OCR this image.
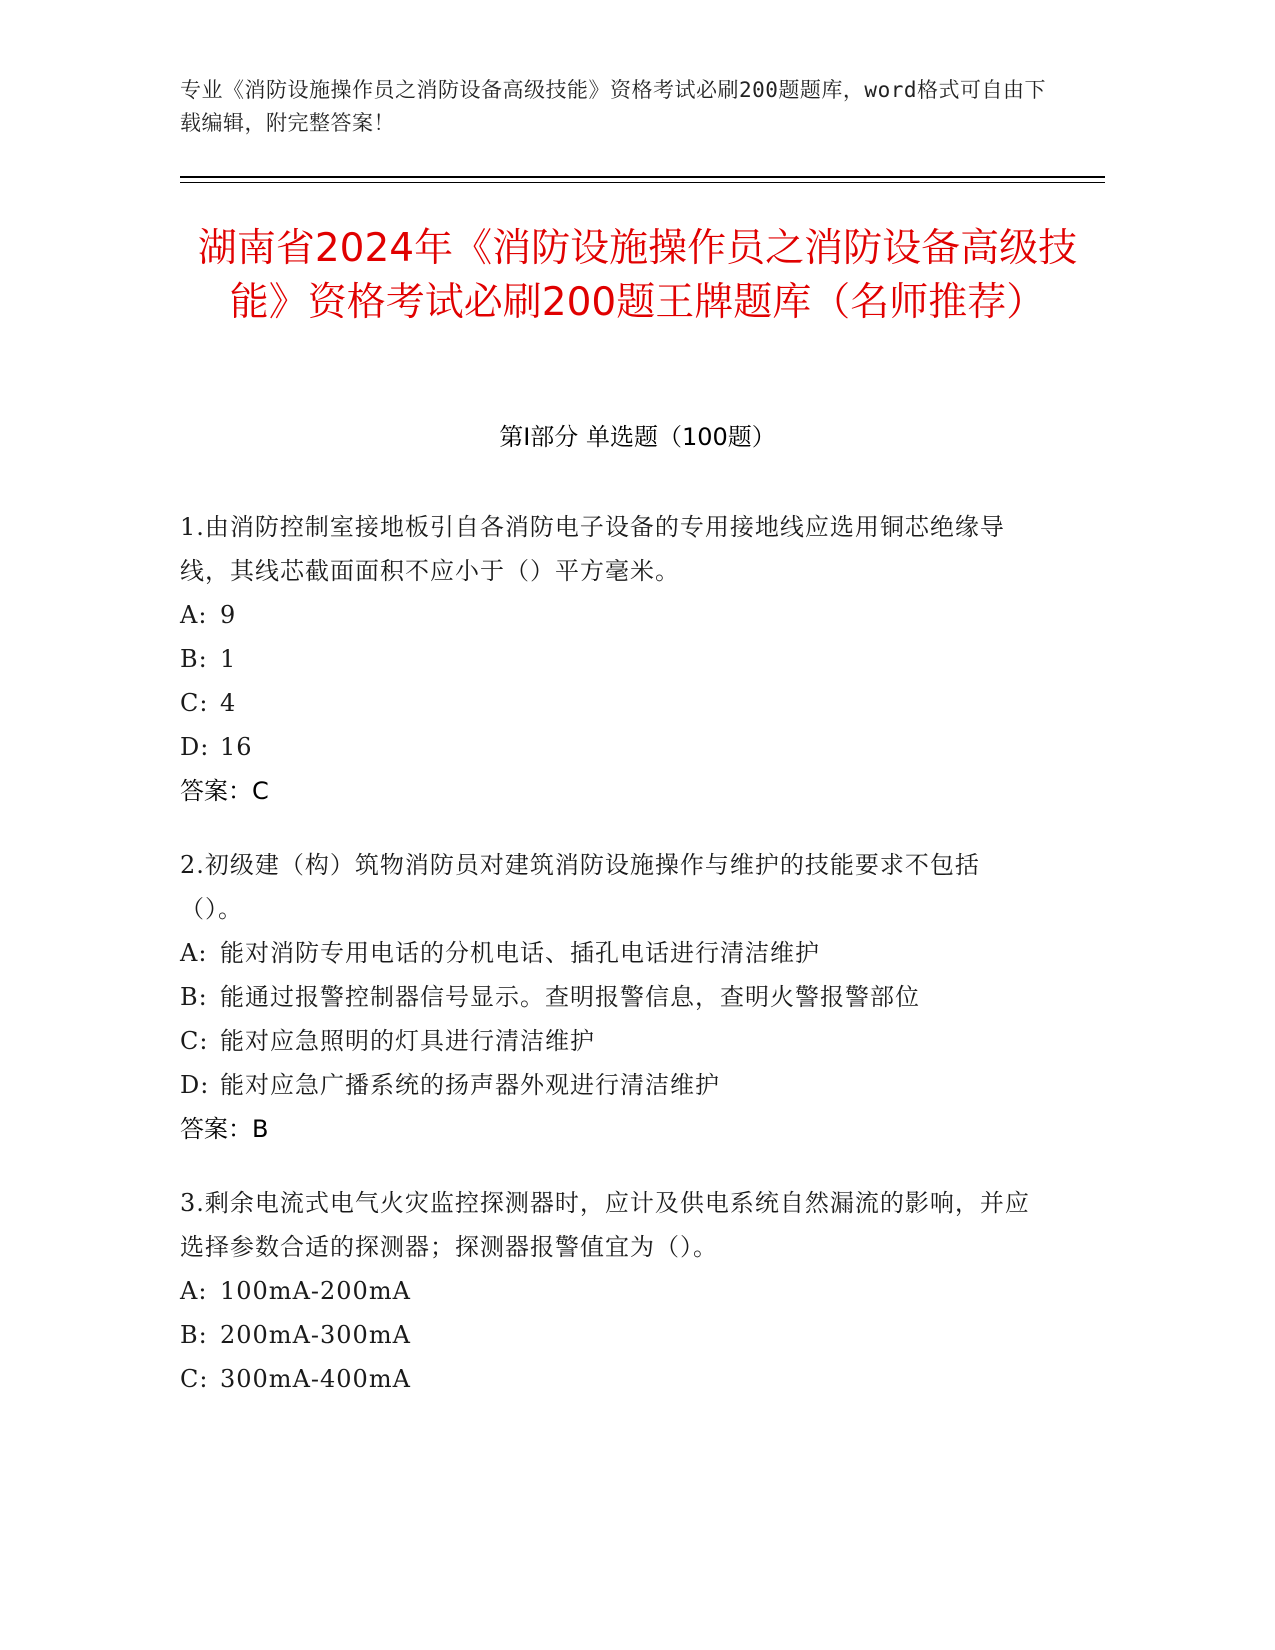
专业《消防设施操作员之消防设备高级技能》资格考试必刷200题题库，word格式可自由下载编辑，附完整答案！
湖南省2024年《消防设施操作员之消防设备高级技能》资格考试必刷200题王牌题库（名师推荐）
第Ⅰ部分 单选题（100题）
1.由消防控制室接地板引自各消防电子设备的专用接地线应选用铜芯绝缘导线，其线芯截面面积不应小于（）平方毫米。
A: 9
B: 1
C: 4
D: 16
答案：C
2.初级建（构）筑物消防员对建筑消防设施操作与维护的技能要求不包括（）。
A: 能对消防专用电话的分机电话、插孔电话进行清洁维护
B: 能通过报警控制器信号显示。查明报警信息，查明火警报警部位
C: 能对应急照明的灯具进行清洁维护
D: 能对应急广播系统的扬声器外观进行清洁维护
答案：B
3.剩余电流式电气火灾监控探测器时，应计及供电系统自然漏流的影响，并应选择参数合适的探测器；探测器报警值宜为（）。
A: 100mA-200mA
B: 200mA-300mA
C: 300mA-400mA
